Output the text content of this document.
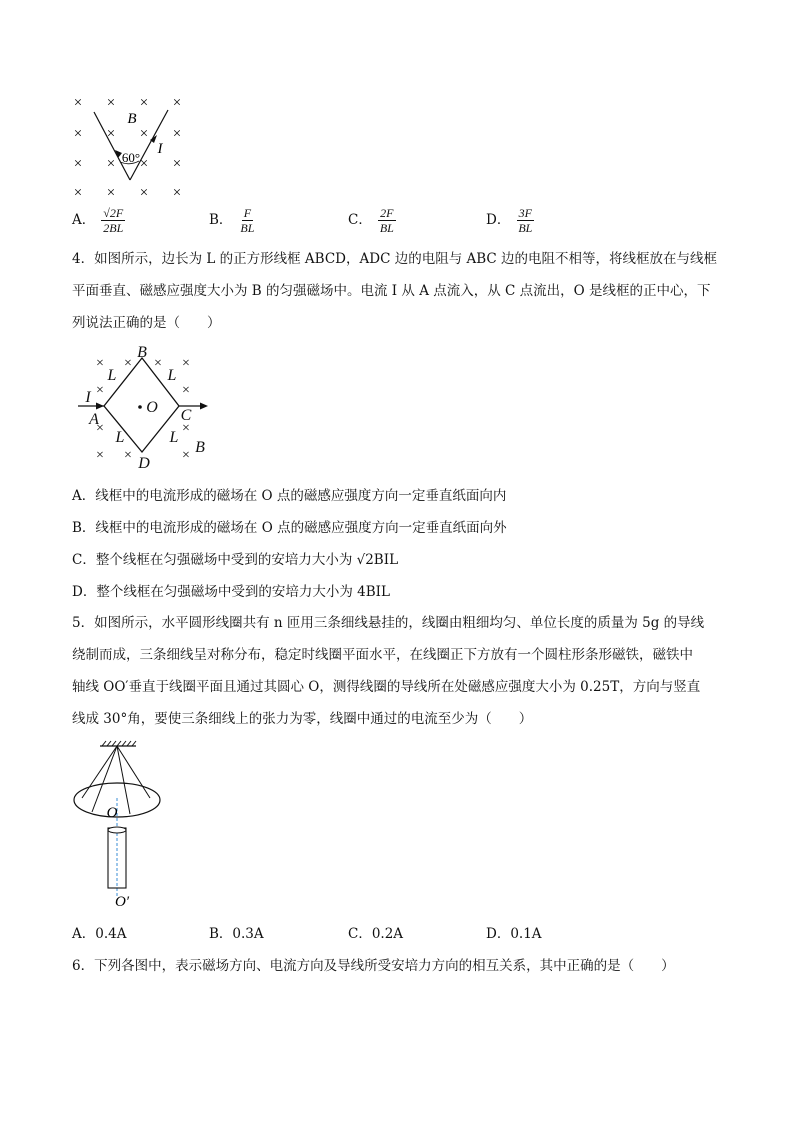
× × × ×
× × × ×
× × × ×
× × × ×
B
I
60°
A． $\frac{√2F}{2BL}$	B． $\frac{F}{BL}$	C． $\frac{2F}{BL}$	D． $\frac{3F}{BL}$
4．如图所示，边长为 L 的正方形线框 ABCD，ADC 边的电阻与 ABC 边的电阻不相等，将线框放在与线框
平面垂直、磁感应强度大小为 B 的匀强磁场中。电流 I 从 A 点流入，从 C 点流出，O 是线框的正中心，下
列说法正确的是（　　）
× × × ×
×	×
×	×
× ×	×
B
A	C
D
O
L	L
L	L
I
B
A．线框中的电流形成的磁场在 O 点的磁感应强度方向一定垂直纸面向内
B．线框中的电流形成的磁场在 O 点的磁感应强度方向一定垂直纸面向外
C．整个线框在匀强磁场中受到的安培力大小为 √2BIL
D．整个线框在匀强磁场中受到的安培力大小为 4BIL
5．如图所示，水平圆形线圈共有 n 匝用三条细线悬挂的，线圈由粗细均匀、单位长度的质量为 5g 的导线
绕制而成，三条细线呈对称分布，稳定时线圈平面水平，在线圈正下方放有一个圆柱形条形磁铁，磁铁中
轴线 OO′垂直于线圈平面且通过其圆心 O，测得线圈的导线所在处磁感应强度大小为 0.25T，方向与竖直
线成 30°角，要使三条细线上的张力为零，线圈中通过的电流至少为（　　）
O
O′
A．0.4A	B．0.3A	C．0.2A	D．0.1A
6．下列各图中，表示磁场方向、电流方向及导线所受安培力方向的相互关系，其中正确的是（　　）
